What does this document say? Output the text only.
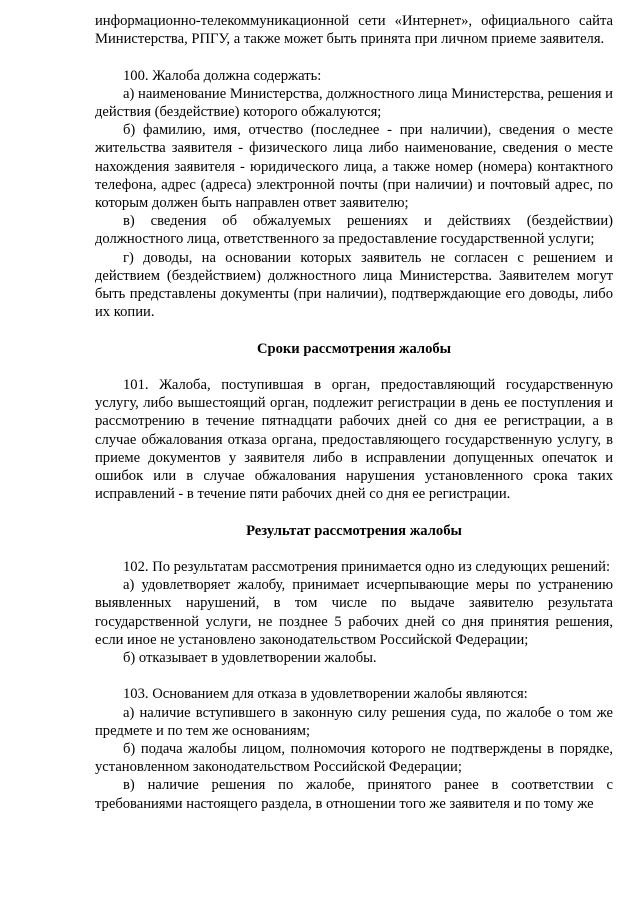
информационно-телекоммуникационной сети «Интернет», официального сайта Министерства, РПГУ, а также может быть принята при личном приеме заявителя.

100. Жалоба должна содержать:

а) наименование Министерства, должностного лица Министерства, решения и действия (бездействие) которого обжалуются;

б) фамилию, имя, отчество (последнее - при наличии), сведения о месте жительства заявителя - физического лица либо наименование, сведения о месте нахождения заявителя - юридического лица, а также номер (номера) контактного телефона, адрес (адреса) электронной почты (при наличии) и почтовый адрес, по которым должен быть направлен ответ заявителю;

в) сведения об обжалуемых решениях и действиях (бездействии) должностного лица, ответственного за предоставление государственной услуги;

г) доводы, на основании которых заявитель не согласен с решением и действием (бездействием) должностного лица Министерства. Заявителем могут быть представлены документы (при наличии), подтверждающие его доводы, либо их копии.

Сроки рассмотрения жалобы

101. Жалоба, поступившая в орган, предоставляющий государственную услугу, либо вышестоящий орган, подлежит регистрации в день ее поступления и рассмотрению в течение пятнадцати рабочих дней со дня ее регистрации, а в случае обжалования отказа органа, предоставляющего государственную услугу, в приеме документов у заявителя либо в исправлении допущенных опечаток и ошибок или в случае обжалования нарушения установленного срока таких исправлений - в течение пяти рабочих дней со дня ее регистрации.

Результат рассмотрения жалобы

102. По результатам рассмотрения принимается одно из следующих решений:

а) удовлетворяет жалобу, принимает исчерпывающие меры по устранению выявленных нарушений, в том числе по выдаче заявителю результата государственной услуги, не позднее 5 рабочих дней со дня принятия решения, если иное не установлено законодательством Российской Федерации;

б) отказывает в удовлетворении жалобы.

103. Основанием для отказа в удовлетворении жалобы являются:

а) наличие вступившего в законную силу решения суда, по жалобе о том же предмете и по тем же основаниям;

б) подача жалобы лицом, полномочия которого не подтверждены в порядке, установленном законодательством Российской Федерации;

в) наличие решения по жалобе, принятого ранее в соответствии с требованиями настоящего раздела, в отношении того же заявителя и по тому же
